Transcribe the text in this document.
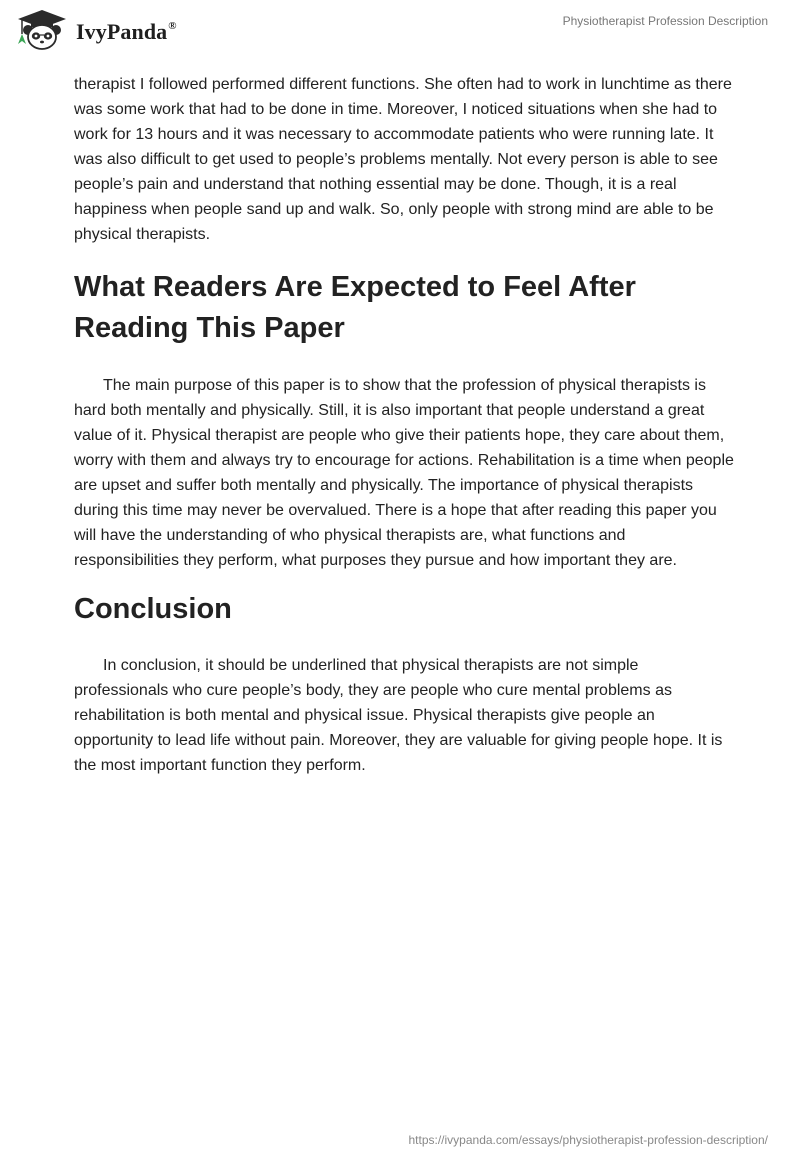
IvyPanda®	Physiotherapist Profession Description

therapist I followed performed different functions. She often had to work in lunchtime as there was some work that had to be done in time. Moreover, I noticed situations when she had to work for 13 hours and it was necessary to accommodate patients who were running late. It was also difficult to get used to people’s problems mentally. Not every person is able to see people’s pain and understand that nothing essential may be done. Though, it is a real happiness when people sand up and walk. So, only people with strong mind are able to be physical therapists.

What Readers Are Expected to Feel After Reading This Paper

The main purpose of this paper is to show that the profession of physical therapists is hard both mentally and physically. Still, it is also important that people understand a great value of it. Physical therapist are people who give their patients hope, they care about them, worry with them and always try to encourage for actions. Rehabilitation is a time when people are upset and suffer both mentally and physically. The importance of physical therapists during this time may never be overvalued. There is a hope that after reading this paper you will have the understanding of who physical therapists are, what functions and responsibilities they perform, what purposes they pursue and how important they are.

Conclusion

In conclusion, it should be underlined that physical therapists are not simple professionals who cure people’s body, they are people who cure mental problems as rehabilitation is both mental and physical issue. Physical therapists give people an opportunity to lead life without pain. Moreover, they are valuable for giving people hope. It is the most important function they perform.

https://ivypanda.com/essays/physiotherapist-profession-description/
